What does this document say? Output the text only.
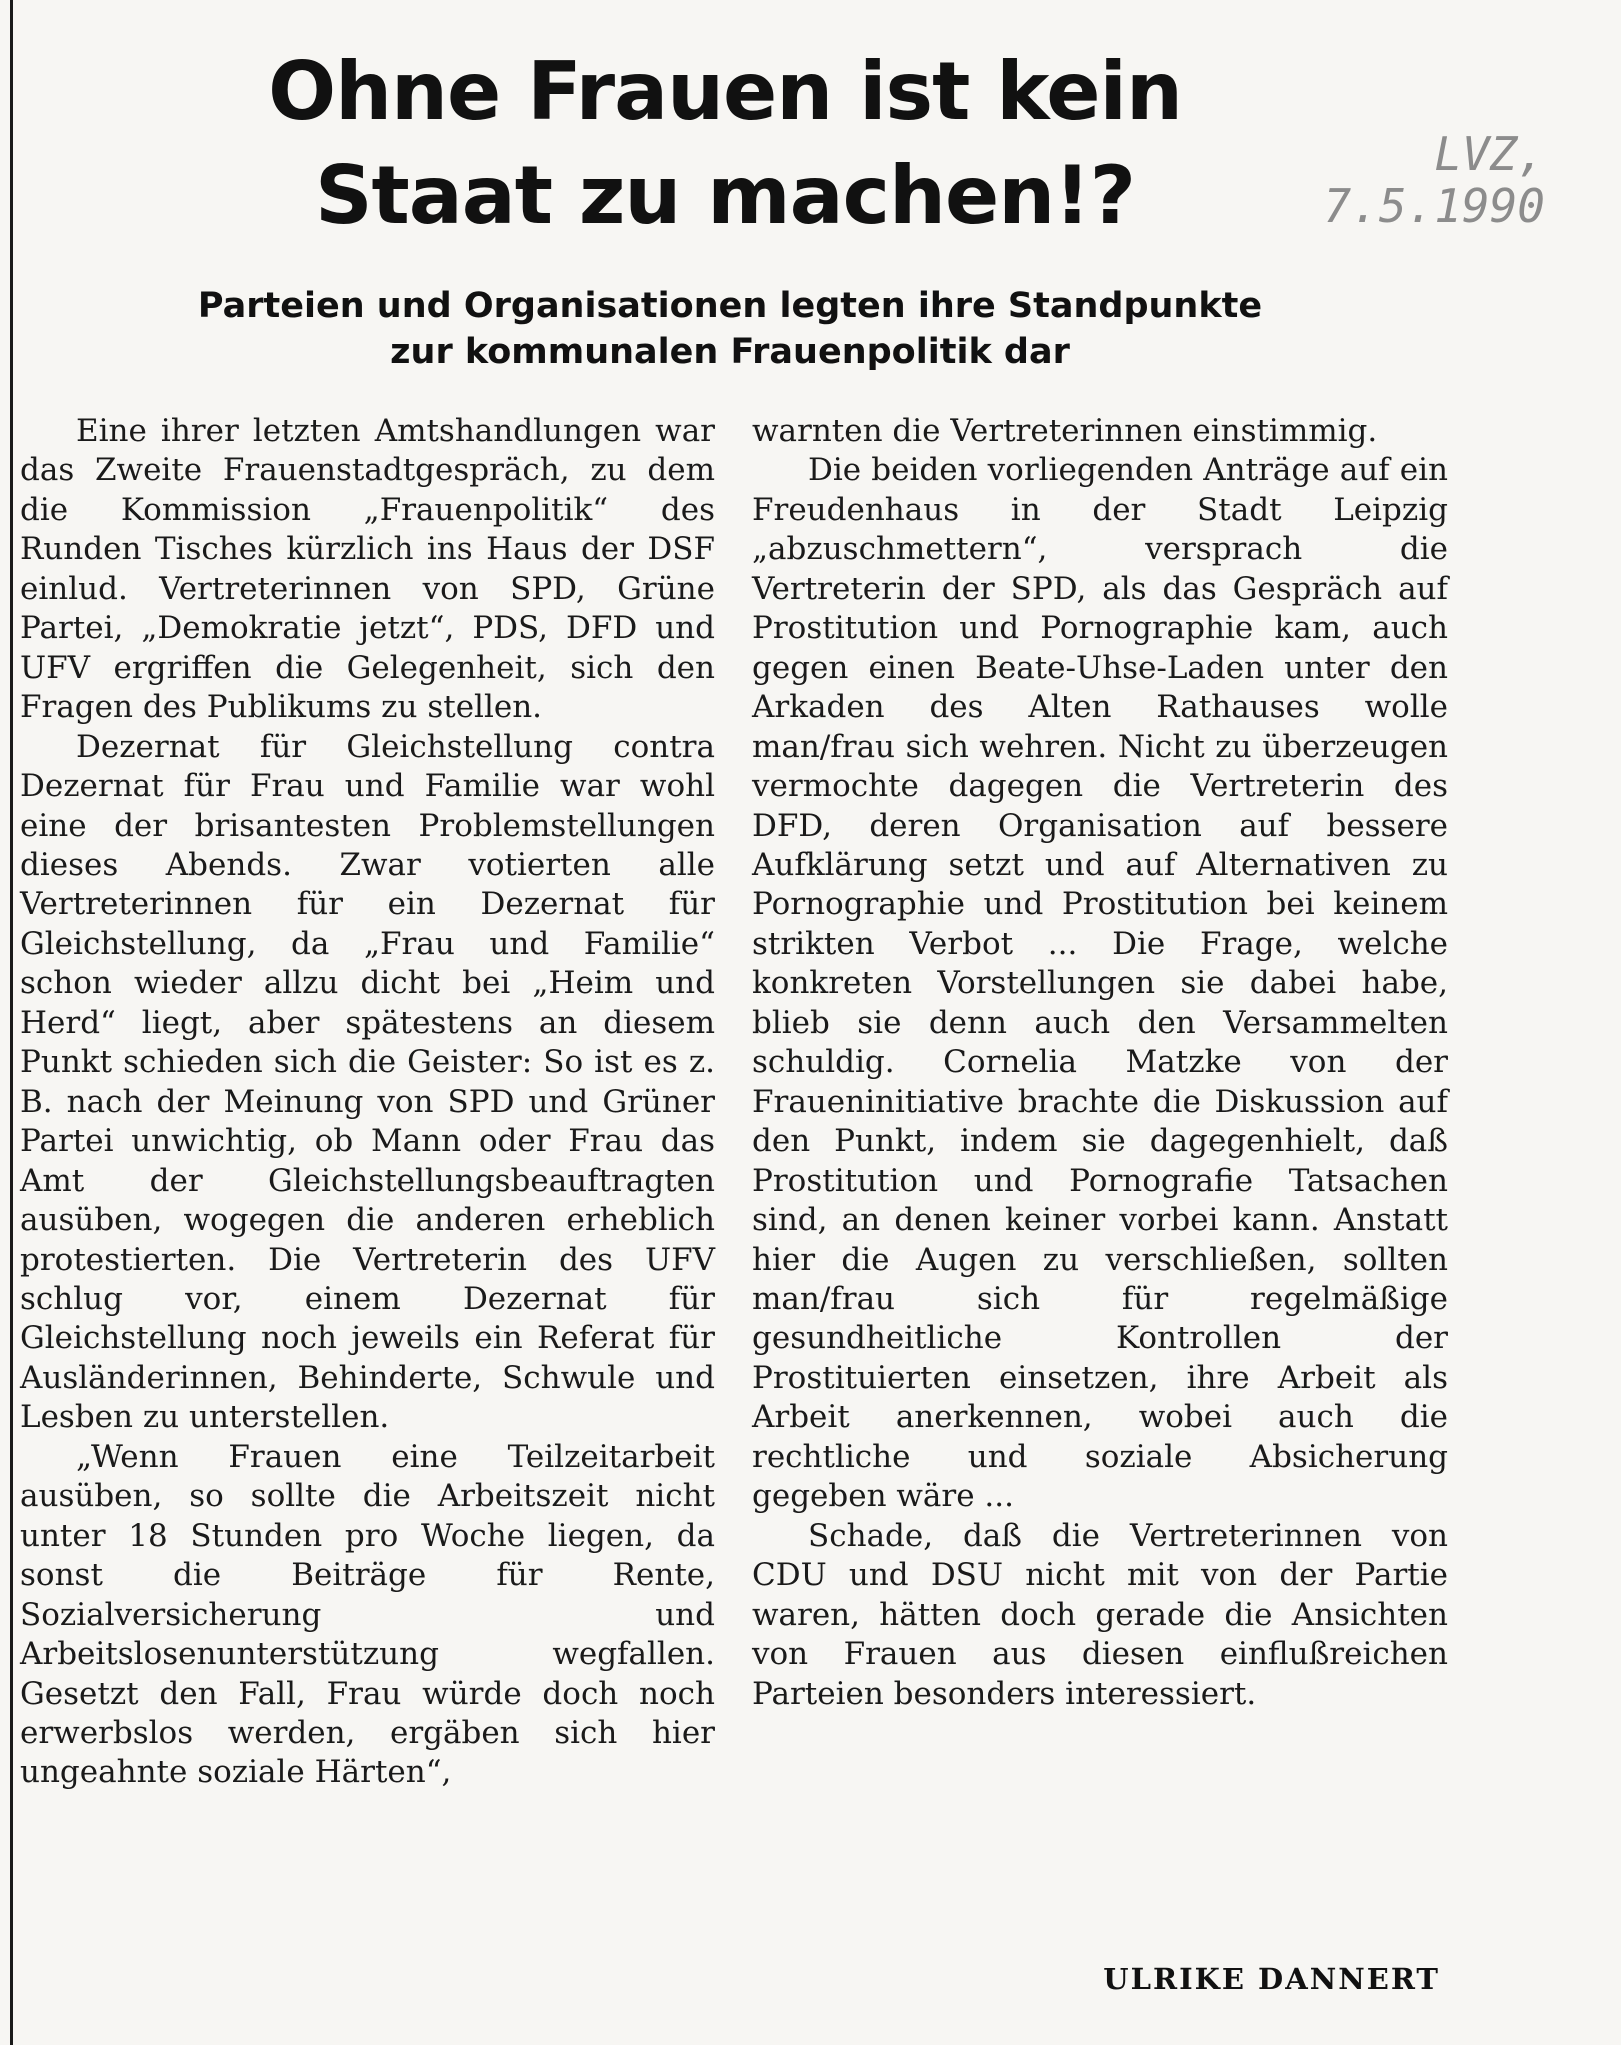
Ohne Frauen ist kein
Staat zu machen!?	LVZ,
7.5.1990
Parteien und Organisationen legten ihre Standpunkte
zur kommunalen Frauenpolitik dar

Eine ihrer letzten Amtshandlungen war das Zweite Frauenstadtgespräch, zu dem die Kommission „Frauenpolitik“ des Runden Tisches kürzlich ins Haus der DSF einlud. Vertreterinnen von SPD, Grüne Partei, „Demokratie jetzt“, PDS, DFD und UFV ergriffen die Gelegenheit, sich den Fragen des Publikums zu stellen.

Dezernat für Gleichstellung contra Dezernat für Frau und Familie war wohl eine der brisantesten Problemstellungen dieses Abends. Zwar votierten alle Vertreterinnen für ein Dezernat für Gleichstellung, da „Frau und Familie“ schon wieder allzu dicht bei „Heim und Herd“ liegt, aber spätestens an diesem Punkt schieden sich die Geister: So ist es z. B. nach der Meinung von SPD und Grüner Partei unwichtig, ob Mann oder Frau das Amt der Gleichstellungsbeauftragten ausüben, wogegen die anderen erheblich protestierten. Die Vertreterin des UFV schlug vor, einem Dezernat für Gleichstellung noch jeweils ein Referat für Ausländerinnen, Behinderte, Schwule und Lesben zu unterstellen.

„Wenn Frauen eine Teilzeitarbeit ausüben, so sollte die Arbeitszeit nicht unter 18 Stunden pro Woche liegen, da sonst die Beiträge für Rente, Sozialversicherung und Arbeitslosenunterstützung wegfallen. Gesetzt den Fall, Frau würde doch noch erwerbslos werden, ergäben sich hier ungeahnte soziale Härten“,

warnten die Vertreterinnen einstimmig.

Die beiden vorliegenden Anträge auf ein Freudenhaus in der Stadt Leipzig „abzuschmettern“, versprach die Vertreterin der SPD, als das Gespräch auf Prostitution und Pornographie kam, auch gegen einen Beate-Uhse-Laden unter den Arkaden des Alten Rathauses wolle man/frau sich wehren. Nicht zu überzeugen vermochte dagegen die Vertreterin des DFD, deren Organisation auf bessere Aufklärung setzt und auf Alternativen zu Pornographie und Prostitution bei keinem strikten Verbot ... Die Frage, welche konkreten Vorstellungen sie dabei habe, blieb sie denn auch den Versammelten schuldig. Cornelia Matzke von der Fraueninitiative brachte die Diskussion auf den Punkt, indem sie dagegenhielt, daß Prostitution und Pornografie Tatsachen sind, an denen keiner vorbei kann. Anstatt hier die Augen zu verschließen, sollten man/frau sich für regelmäßige gesundheitliche Kontrollen der Prostituierten einsetzen, ihre Arbeit als Arbeit anerkennen, wobei auch die rechtliche und soziale Absicherung gegeben wäre ...

Schade, daß die Vertreterinnen von CDU und DSU nicht mit von der Partie waren, hätten doch gerade die Ansichten von Frauen aus diesen einflußreichen Parteien besonders interessiert.

ULRIKE DANNERT
